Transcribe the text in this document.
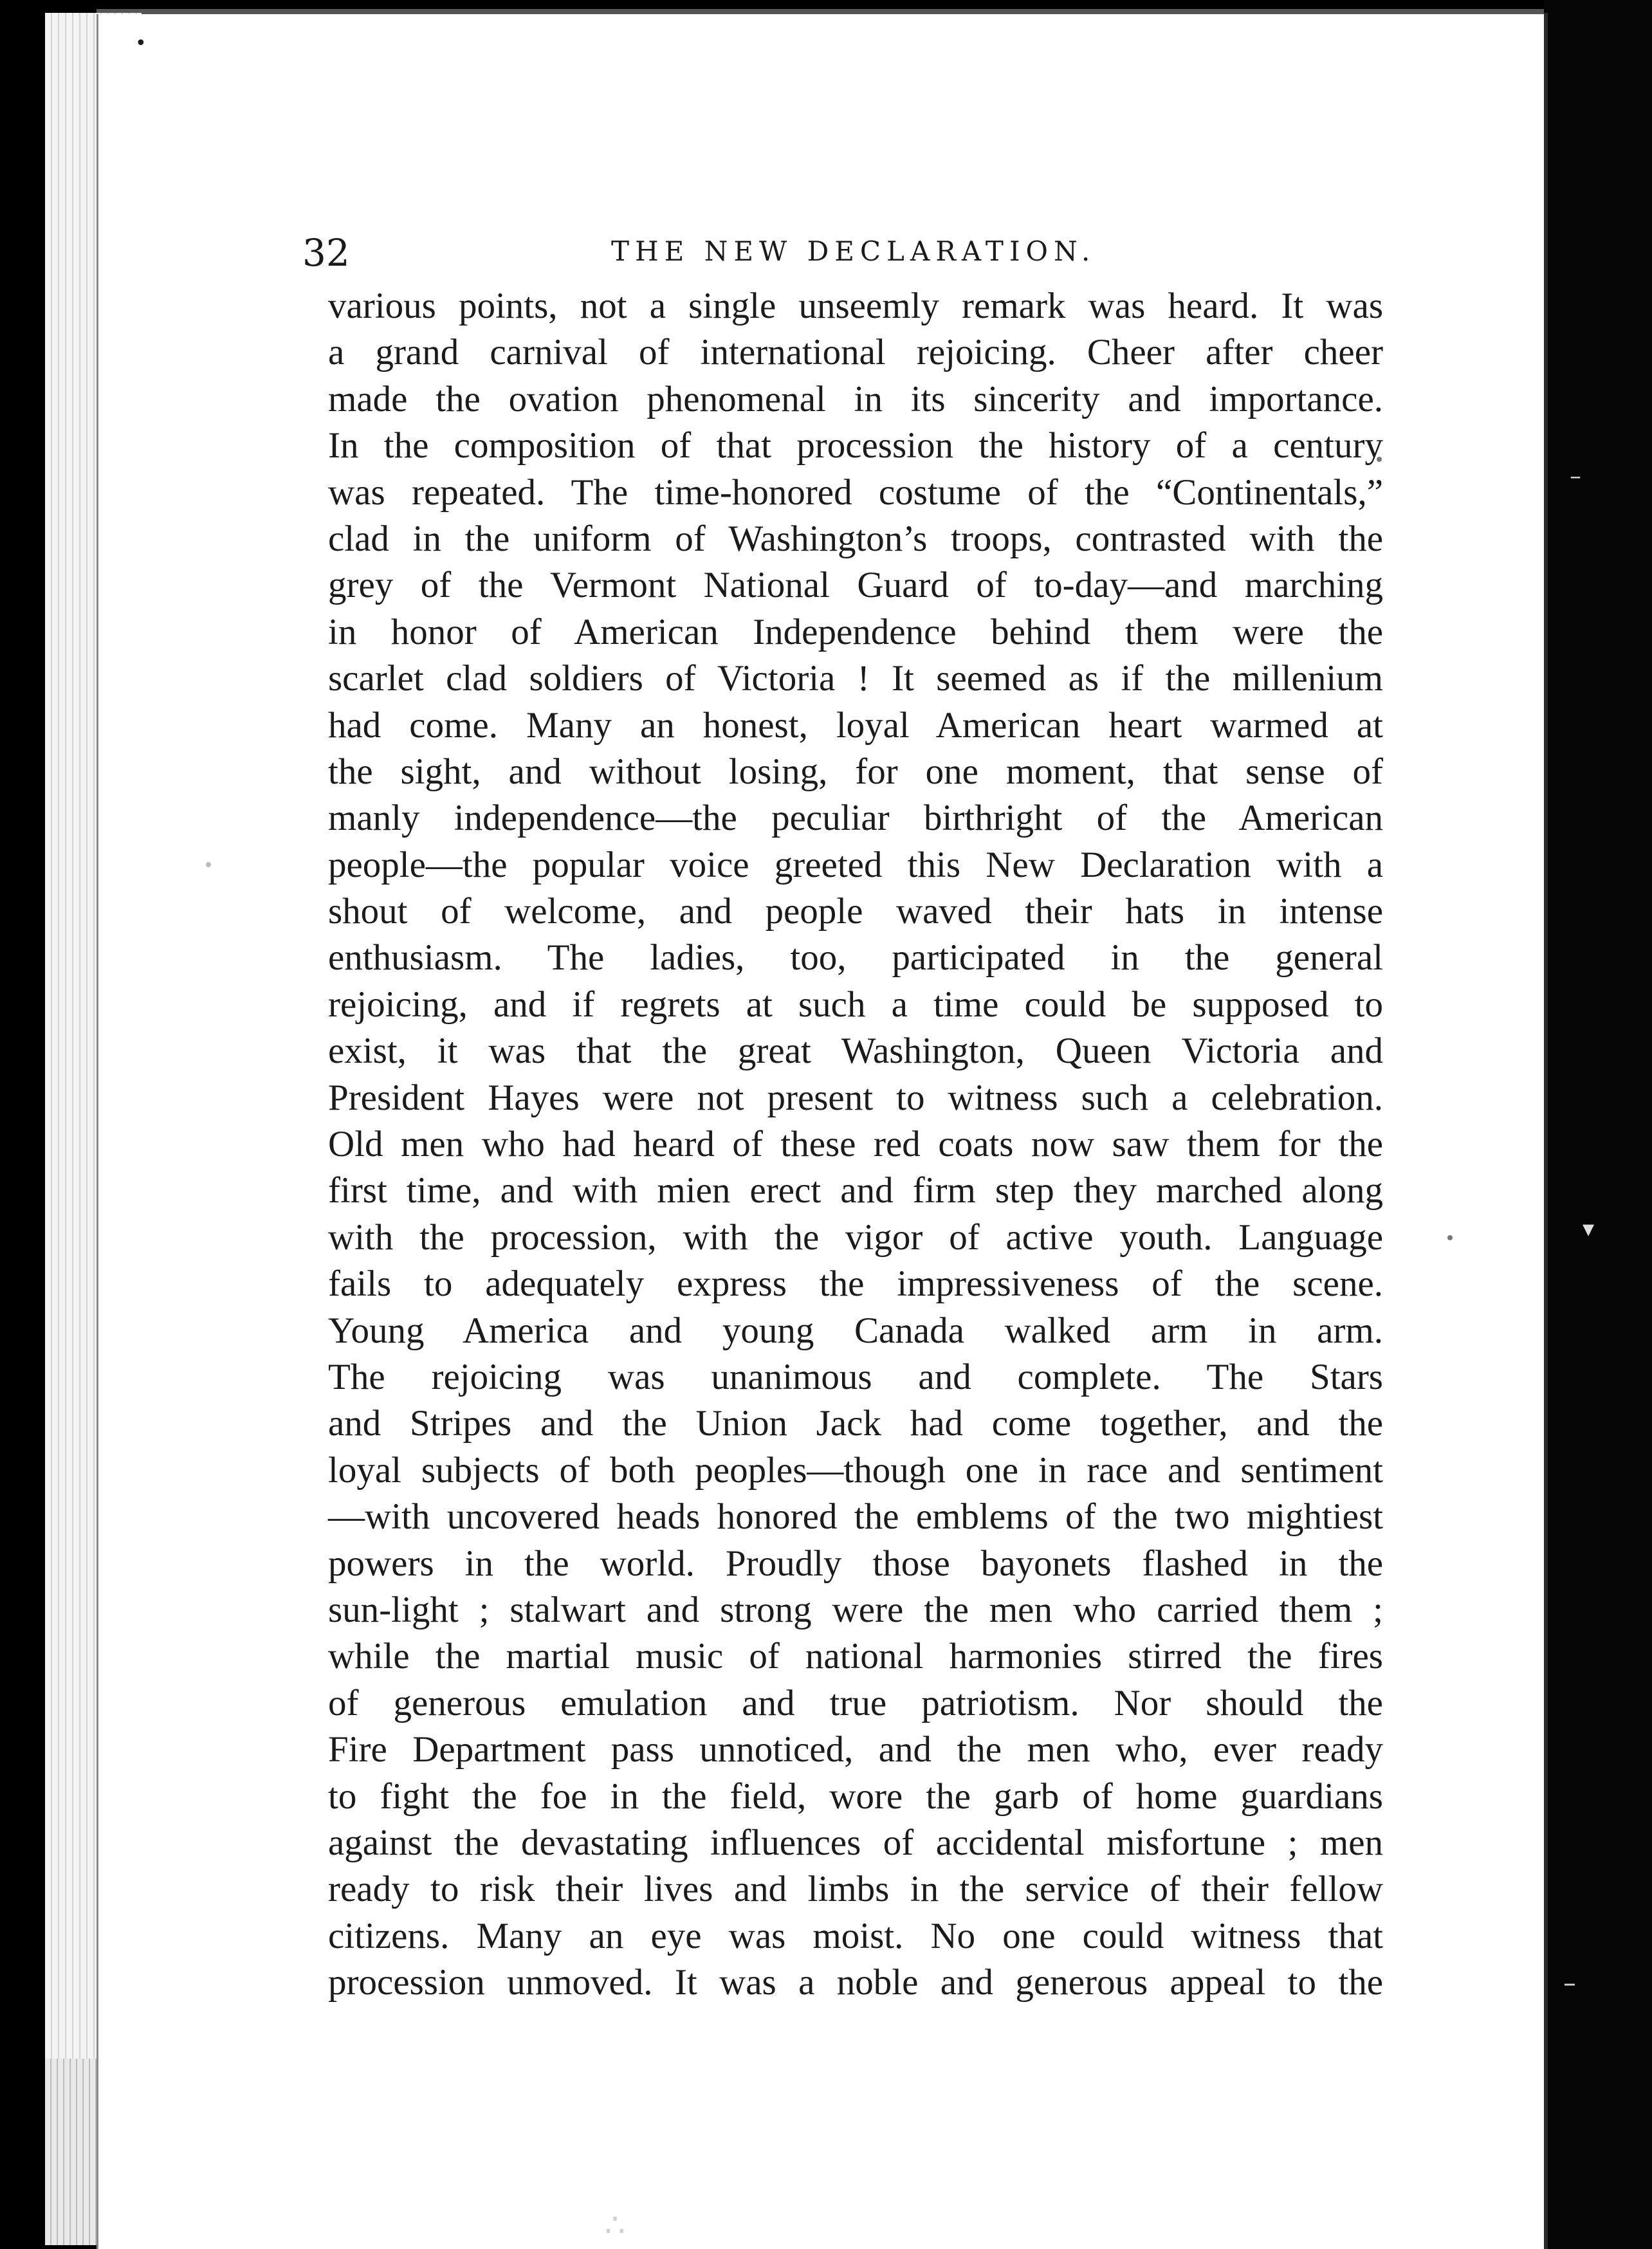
•
–
▾
–
∴
32	THE NEW DECLARATION.
various points, not a single unseemly remark was heard. It was
a grand carnival of international rejoicing. Cheer after cheer
made the ovation phenomenal in its sincerity and importance.
In the composition of that procession the history of a century
was repeated. The time-honored costume of the “Continentals,”
clad in the uniform of Washington’s troops, contrasted with the
grey of the Vermont National Guard of to-day—and marching
in honor of American Independence behind them were the
scarlet clad soldiers of Victoria ! It seemed as if the millenium
had come. Many an honest, loyal American heart warmed at
the sight, and without losing, for one moment, that sense of
manly independence—the peculiar birthright of the American
people—the popular voice greeted this New Declaration with a
shout of welcome, and people waved their hats in intense
enthusiasm. The ladies, too, participated in the general
rejoicing, and if regrets at such a time could be supposed to
exist, it was that the great Washington, Queen Victoria and
President Hayes were not present to witness such a celebration.
Old men who had heard of these red coats now saw them for the
first time, and with mien erect and firm step they marched along
with the procession, with the vigor of active youth. Language
fails to adequately express the impressiveness of the scene.
Young America and young Canada walked arm in arm.
The rejoicing was unanimous and complete. The Stars
and Stripes and the Union Jack had come together, and the
loyal subjects of both peoples—though one in race and sentiment
—with uncovered heads honored the emblems of the two mightiest
powers in the world. Proudly those bayonets flashed in the
sun-light ; stalwart and strong were the men who carried them ;
while the martial music of national harmonies stirred the fires
of generous emulation and true patriotism. Nor should the
Fire Department pass unnoticed, and the men who, ever ready
to fight the foe in the field, wore the garb of home guardians
against the devastating influences of accidental misfortune ; men
ready to risk their lives and limbs in the service of their fellow
citizens. Many an eye was moist. No one could witness that
procession unmoved. It was a noble and generous appeal to the
